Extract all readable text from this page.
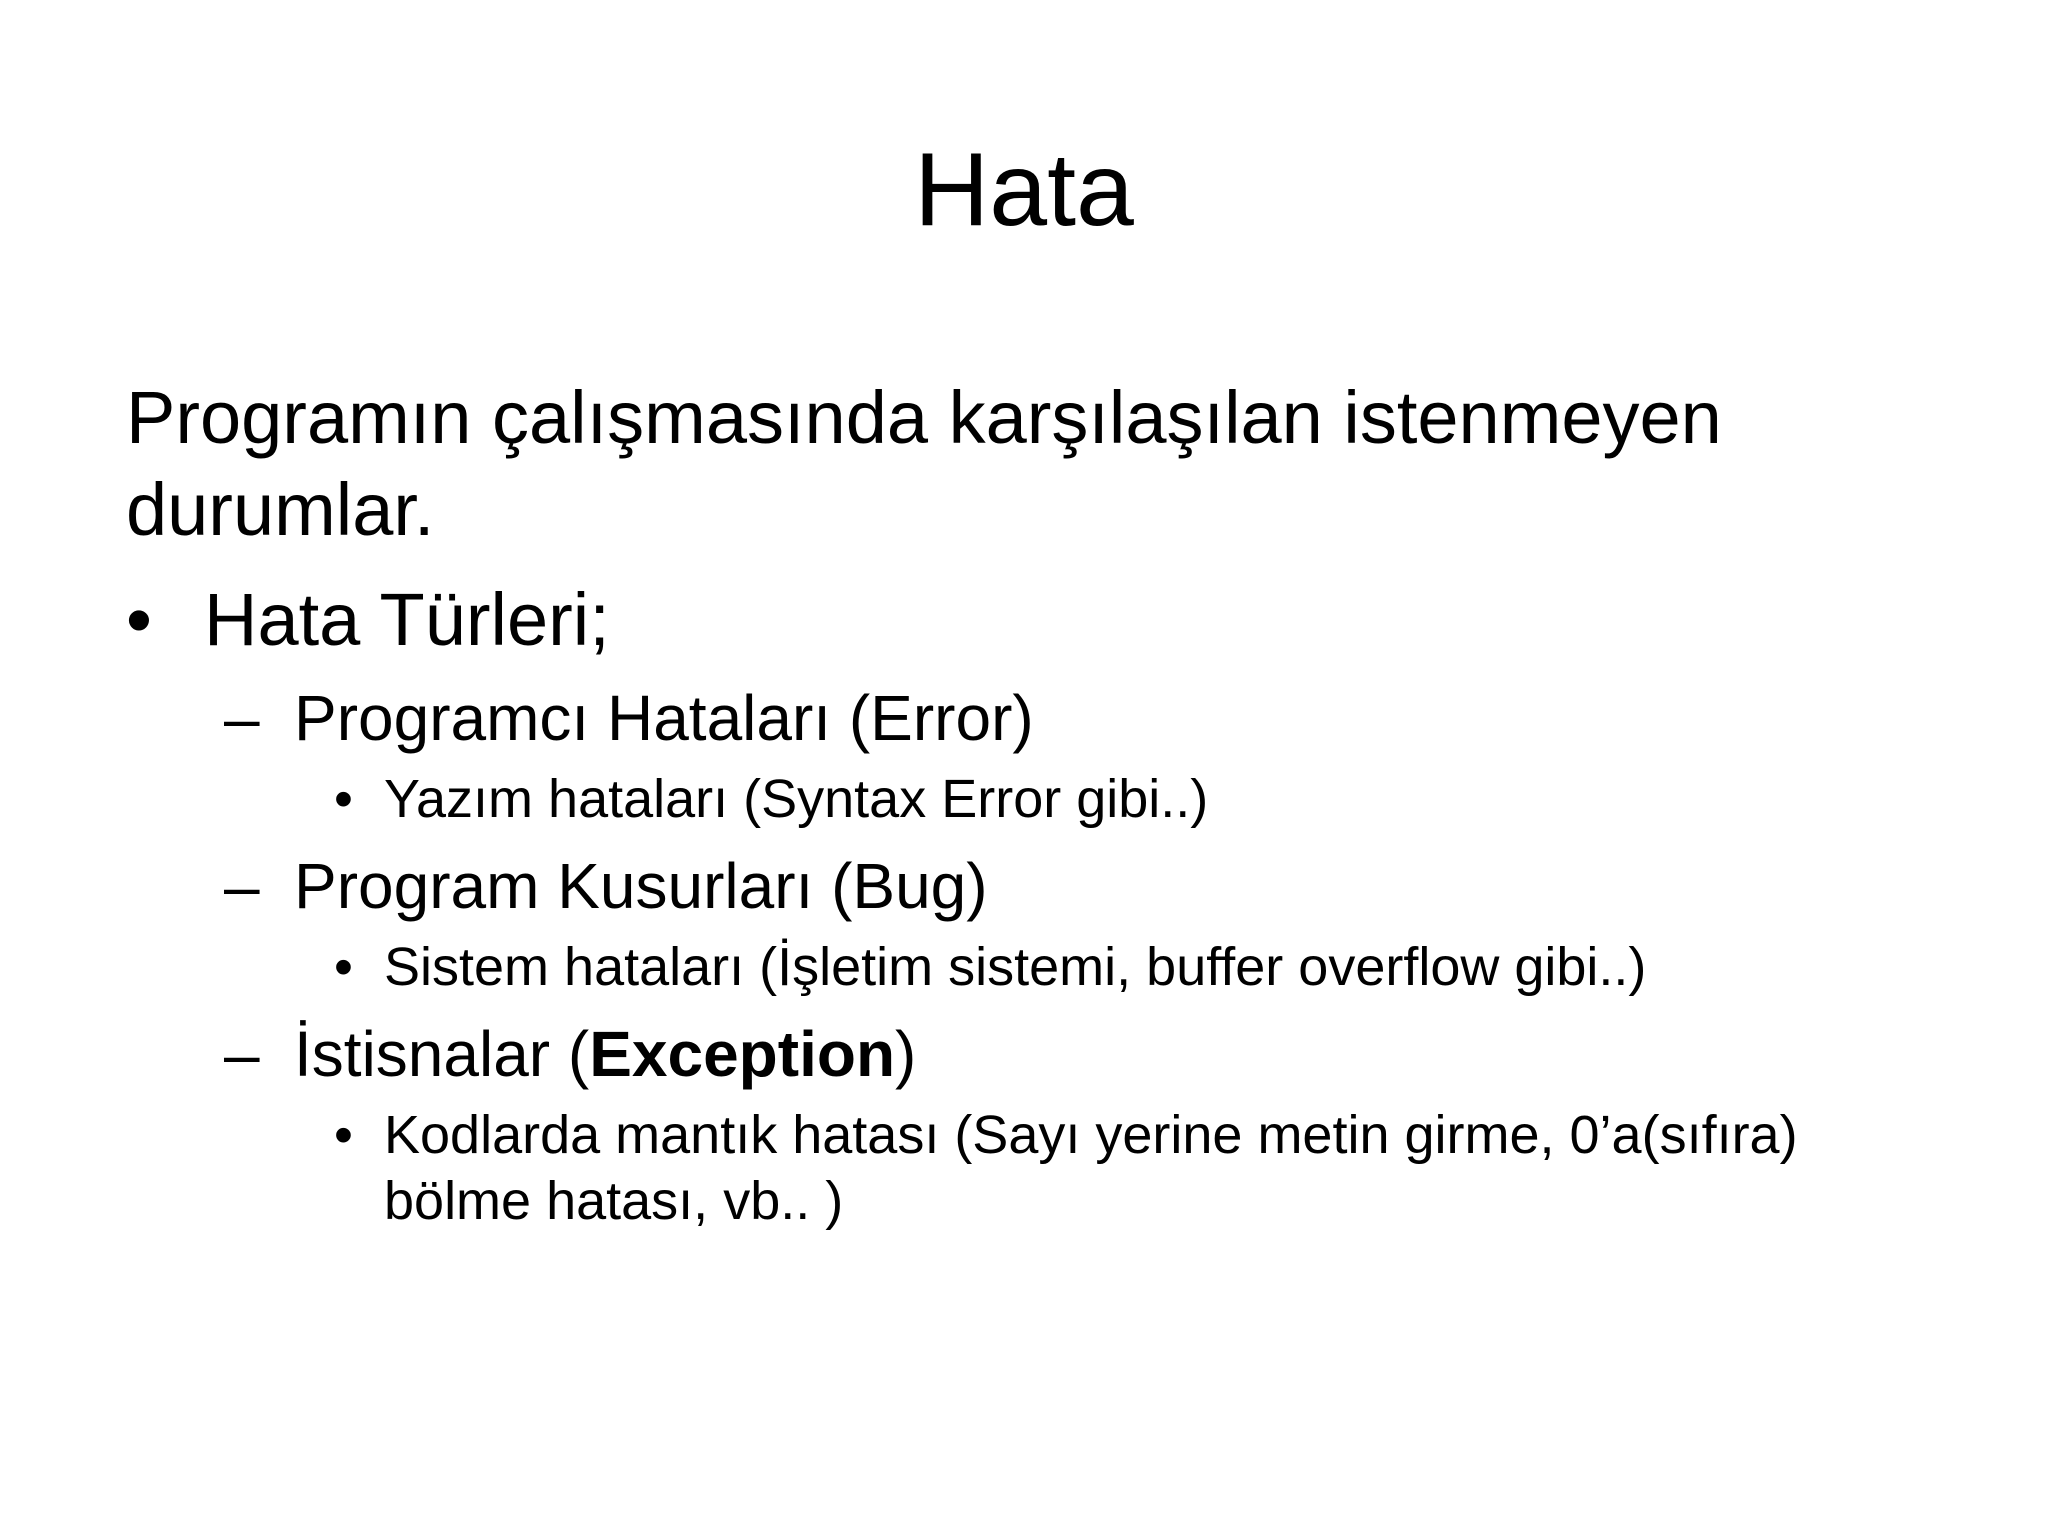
Hata

Programın çalışmasında karşılaşılan istenmeyen durumlar.

• Hata Türleri;
– Programcı Hataları (Error)
• Yazım hataları (Syntax Error gibi..)
– Program Kusurları (Bug)
• Sistem hataları (İşletim sistemi, buffer overflow gibi..)
– İstisnalar (Exception)
• Kodlarda mantık hatası (Sayı yerine metin girme, 0’a(sıfıra) bölme hatası, vb.. )
